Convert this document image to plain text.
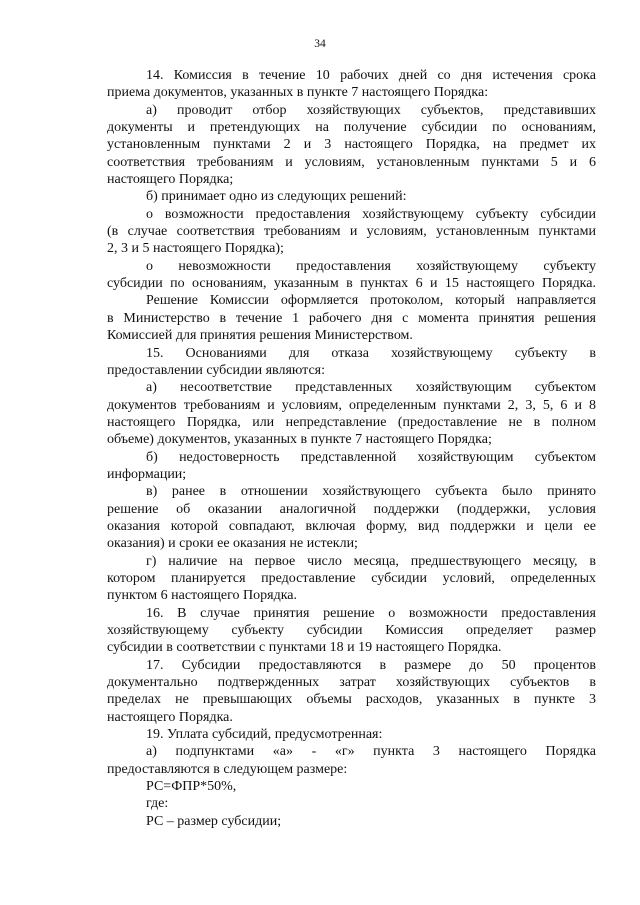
34
14. Комиссия в течение 10 рабочих дней со дня истечения срока
приема документов, указанных в пункте 7 настоящего Порядка:
а) проводит отбор хозяйствующих субъектов, представивших
документы и претендующих на получение субсидии по основаниям,
установленным пунктами 2 и 3 настоящего Порядка, на предмет их
соответствия требованиям и условиям, установленным пунктами 5 и 6
настоящего Порядка;
б) принимает одно из следующих решений:
о возможности предоставления хозяйствующему субъекту субсидии
(в случае соответствия требованиям и условиям, установленным пунктами
2, 3 и 5 настоящего Порядка);
о невозможности предоставления хозяйствующему субъекту
субсидии по основаниям, указанным в пунктах 6 и 15 настоящего Порядка.
Решение Комиссии оформляется протоколом, который направляется
в Министерство в течение 1 рабочего дня с момента принятия решения
Комиссией для принятия решения Министерством.
15. Основаниями для отказа хозяйствующему субъекту в
предоставлении субсидии являются:
а) несоответствие представленных хозяйствующим субъектом
документов требованиям и условиям, определенным пунктами 2, 3, 5, 6 и 8
настоящего Порядка, или непредставление (предоставление не в полном
объеме) документов, указанных в пункте 7 настоящего Порядка;
б) недостоверность представленной хозяйствующим субъектом
информации;
в) ранее в отношении хозяйствующего субъекта было принято
решение об оказании аналогичной поддержки (поддержки, условия
оказания которой совпадают, включая форму, вид поддержки и цели ее
оказания) и сроки ее оказания не истекли;
г) наличие на первое число месяца, предшествующего месяцу, в
котором планируется предоставление субсидии условий, определенных
пунктом 6 настоящего Порядка.
16. В случае принятия решение о возможности предоставления
хозяйствующему субъекту субсидии Комиссия определяет размер
субсидии в соответствии с пунктами 18 и 19 настоящего Порядка.
17. Субсидии предоставляются в размере до 50 процентов
документально подтвержденных затрат хозяйствующих субъектов в
пределах не превышающих объемы расходов, указанных в пункте 3
настоящего Порядка.
19. Уплата субсидий, предусмотренная:
а) подпунктами «а» - «г» пункта 3 настоящего Порядка
предоставляются в следующем размере:
РС=ФПР*50%,
где:
РС – размер субсидии;
